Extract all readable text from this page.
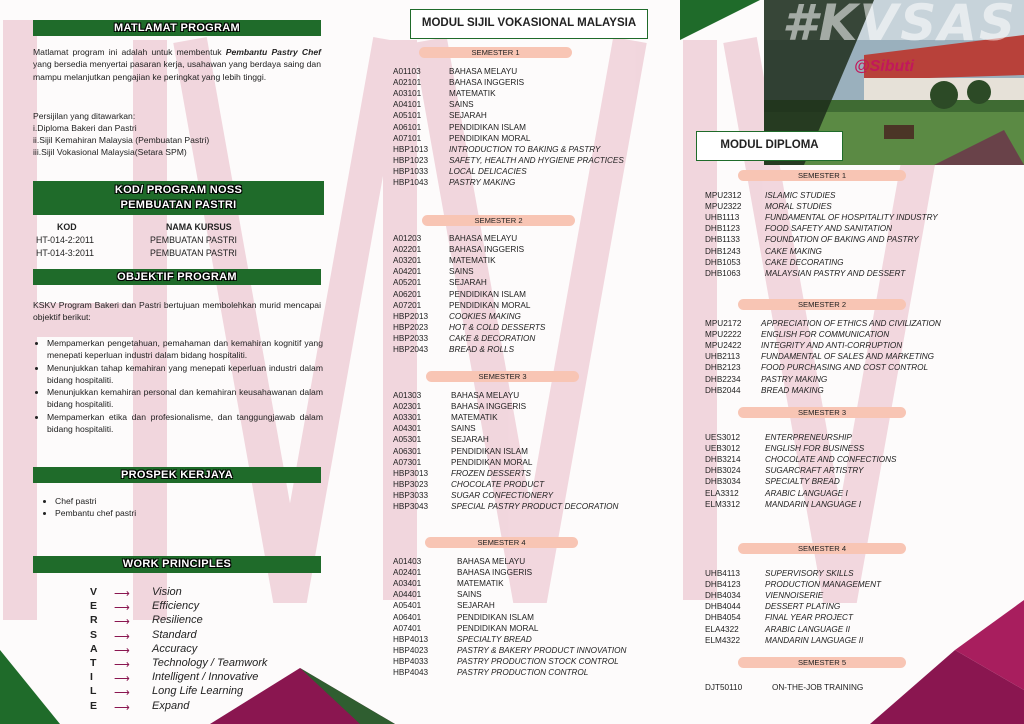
MATLAMAT PROGRAM
Matlamat program ini adalah untuk membentuk Pembantu Pastry Chef yang bersedia menyertai pasaran kerja, usahawan yang berdaya saing dan mampu melanjutkan pengajian ke peringkat yang lebih tinggi.
Persijilan yang ditawarkan:
i.Diploma Bakeri dan Pastri
ii.Sijil Kemahiran Malaysia (Pembuatan Pastri)
iii.Sijil Vokasional Malaysia(Setara SPM)
KOD/ PROGRAM NOSS
PEMBUATAN PASTRI
KOD	NAMA KURSUS
HT-014-2:2011	PEMBUATAN PASTRI
HT-014-3:2011	PEMBUATAN PASTRI
OBJEKTIF PROGRAM
KSKV Program Bakeri dan Pastri bertujuan membolehkan murid mencapai objektif berikut:
• Mempamerkan pengetahuan, pemahaman dan kemahiran kognitif yang menepati keperluan industri dalam bidang hospitaliti.
• Menunjukkan tahap kemahiran yang menepati keperluan industri dalam bidang hospitaliti.
• Menunjukkan kemahiran personal dan kemahiran keusahawanan dalam bidang hospitaliti.
• Mempamerkan etika dan profesionalisme, dan tanggungjawab dalam bidang hospitaliti.
PROSPEK KERJAYA
• Chef pastri
• Pembantu chef pastri
WORK PRINCIPLES
V	⟶ Vision
E	⟶ Efficiency
R	⟶ Resilience
S	⟶ Standard
A	⟶ Accuracy
T	⟶ Technology / Teamwork
I	⟶ Intelligent / Innovative
L	⟶ Long Life Learning
E	⟶ Expand
MODUL SIJIL VOKASIONAL MALAYSIA
SEMESTER 1
A01103	BAHASA MELAYU
A02101	BAHASA INGGERIS
A03101	MATEMATIK
A04101	SAINS
A05101	SEJARAH
A06101	PENDIDIKAN ISLAM
A07101	PENDIDIKAN MORAL
HBP1013	INTRODUCTION TO BAKING & PASTRY
HBP1023	SAFETY, HEALTH AND HYGIENE PRACTICES
HBP1033	LOCAL DELICACIES
HBP1043	PASTRY MAKING
SEMESTER 2
A01203	BAHASA MELAYU
A02201	BAHASA INGGERIS
A03201	MATEMATIK
A04201	SAINS
A05201	SEJARAH
A06201	PENDIDIKAN ISLAM
A07201	PENDIDIKAN MORAL
HBP2013	COOKIES MAKING
HBP2023	HOT & COLD DESSERTS
HBP2033	CAKE & DECORATION
HBP2043	BREAD & ROLLS
SEMESTER 3
A01303	BAHASA MELAYU
A02301	BAHASA INGGERIS
A03301	MATEMATIK
A04301	SAINS
A05301	SEJARAH
A06301	PENDIDIKAN ISLAM
A07301	PENDIDIKAN MORAL
HBP3013	FROZEN DESSERTS
HBP3023	CHOCOLATE PRODUCT
HBP3033	SUGAR CONFECTIONERY
HBP3043	SPECIAL PASTRY PRODUCT DECORATION
SEMESTER 4
A01403	BAHASA MELAYU
A02401	BAHASA INGGERIS
A03401	MATEMATIK
A04401	SAINS
A05401	SEJARAH
A06401	PENDIDIKAN ISLAM
A07401	PENDIDIKAN MORAL
HBP4013	SPECIALTY BREAD
HBP4023	PASTRY & BAKERY PRODUCT INNOVATION
HBP4033	PASTRY PRODUCTION STOCK CONTROL
HBP4043	PASTRY PRODUCTION CONTROL
#KVSAS
@Sibuti
MODUL DIPLOMA
SEMESTER 1
MPU2312	ISLAMIC STUDIES
MPU2322	MORAL STUDIES
UHB1113	FUNDAMENTAL OF HOSPITALITY INDUSTRY
DHB1123	FOOD SAFETY AND SANITATION
DHB1133	FOUNDATION OF BAKING AND PASTRY
DHB1243	CAKE MAKING
DHB1053	CAKE DECORATING
DHB1063	MALAYSIAN PASTRY AND DESSERT
SEMESTER 2
MPU2172 APPRECIATION OF ETHICS AND CIVILIZATION
MPU2222 ENGLISH FOR COMMUNICATION
MPU2422 INTEGRITY AND ANTI-CORRUPTION
UHB2113	FUNDAMENTAL OF SALES AND MARKETING
DHB2123 FOOD PURCHASING AND COST CONTROL
DHB2234 PASTRY MAKING
DHB2044 BREAD MAKING
SEMESTER 3
UES3012	ENTERPRENEURSHIP
UEB3012	ENGLISH FOR BUSINESS
DHB3214	CHOCOLATE AND CONFECTIONS
DHB3024	SUGARCRAFT ARTISTRY
DHB3034	SPECIALTY BREAD
ELA3312	ARABIC LANGUAGE I
ELM3312	MANDARIN LANGUAGE I
SEMESTER 4
UHB4113	SUPERVISORY SKILLS
DHB4123	PRODUCTION MANAGEMENT
DHB4034	VIENNOISERIE
DHB4044	DESSERT PLATING
DHB4054	FINAL YEAR PROJECT
ELA4322	ARABIC LANGUAGE II
ELM4322	MANDARIN LANGUAGE II
SEMESTER 5
DJT50110	ON-THE-JOB TRAINING
